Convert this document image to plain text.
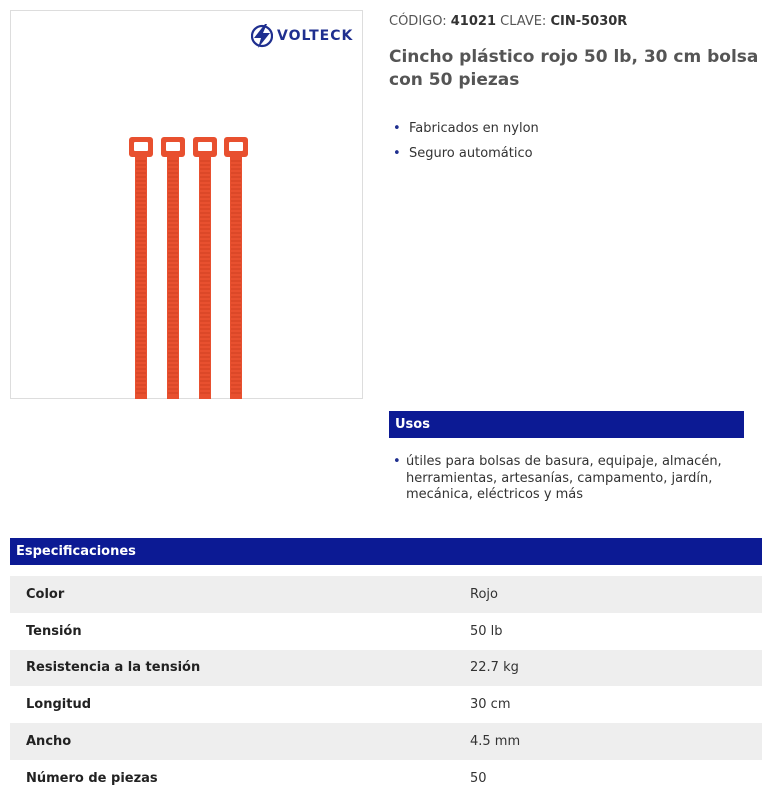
VOLTECK
CÓDIGO: 41021 CLAVE: CIN-5030R
Cincho plástico rojo 50 lb, 30 cm bolsa con 50 piezas
• Fabricados en nylon
• Seguro automático
Usos
• útiles para bolsas de basura, equipaje, almacén, herramientas, artesanías, campamento, jardín, mecánica, eléctricos y más
Especificaciones
Color	Rojo
Tensión	50 lb
Resistencia a la tensión	22.7 kg
Longitud	30 cm
Ancho	4.5 mm
Número de piezas	50
